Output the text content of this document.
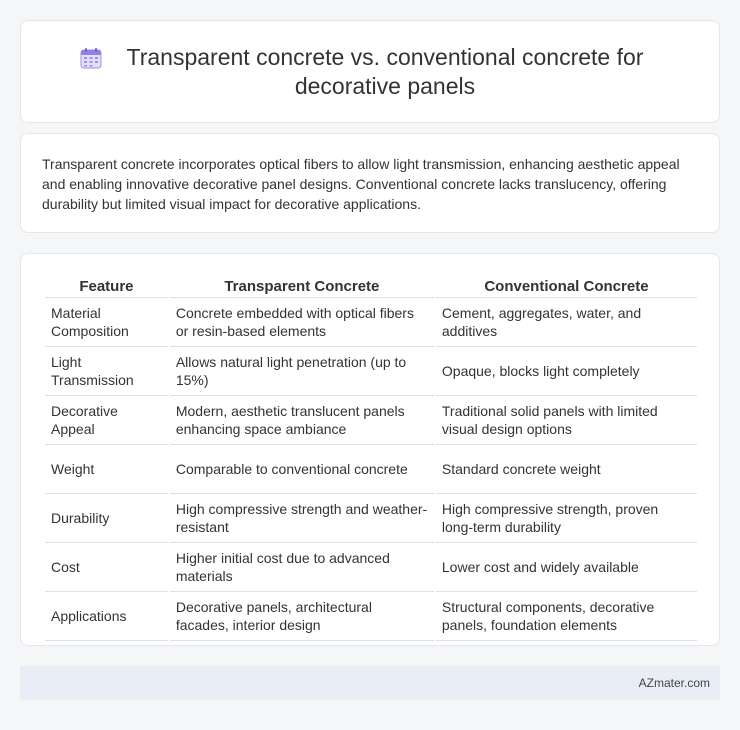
Transparent concrete vs. conventional concrete for decorative panels

Transparent concrete incorporates optical fibers to allow light transmission, enhancing aesthetic appeal and enabling innovative decorative panel designs. Conventional concrete lacks translucency, offering durability but limited visual impact for decorative applications.

Feature	Transparent Concrete	Conventional Concrete
Material Composition	Concrete embedded with optical fibers or resin-based elements	Cement, aggregates, water, and additives
Light Transmission	Allows natural light penetration (up to 15%)	Opaque, blocks light completely
Decorative Appeal	Modern, aesthetic translucent panels enhancing space ambiance	Traditional solid panels with limited visual design options
Weight	Comparable to conventional concrete	Standard concrete weight
Durability	High compressive strength and weather-resistant	High compressive strength, proven long-term durability
Cost	Higher initial cost due to advanced materials	Lower cost and widely available
Applications	Decorative panels, architectural facades, interior design	Structural components, decorative panels, foundation elements
AZmater.com
